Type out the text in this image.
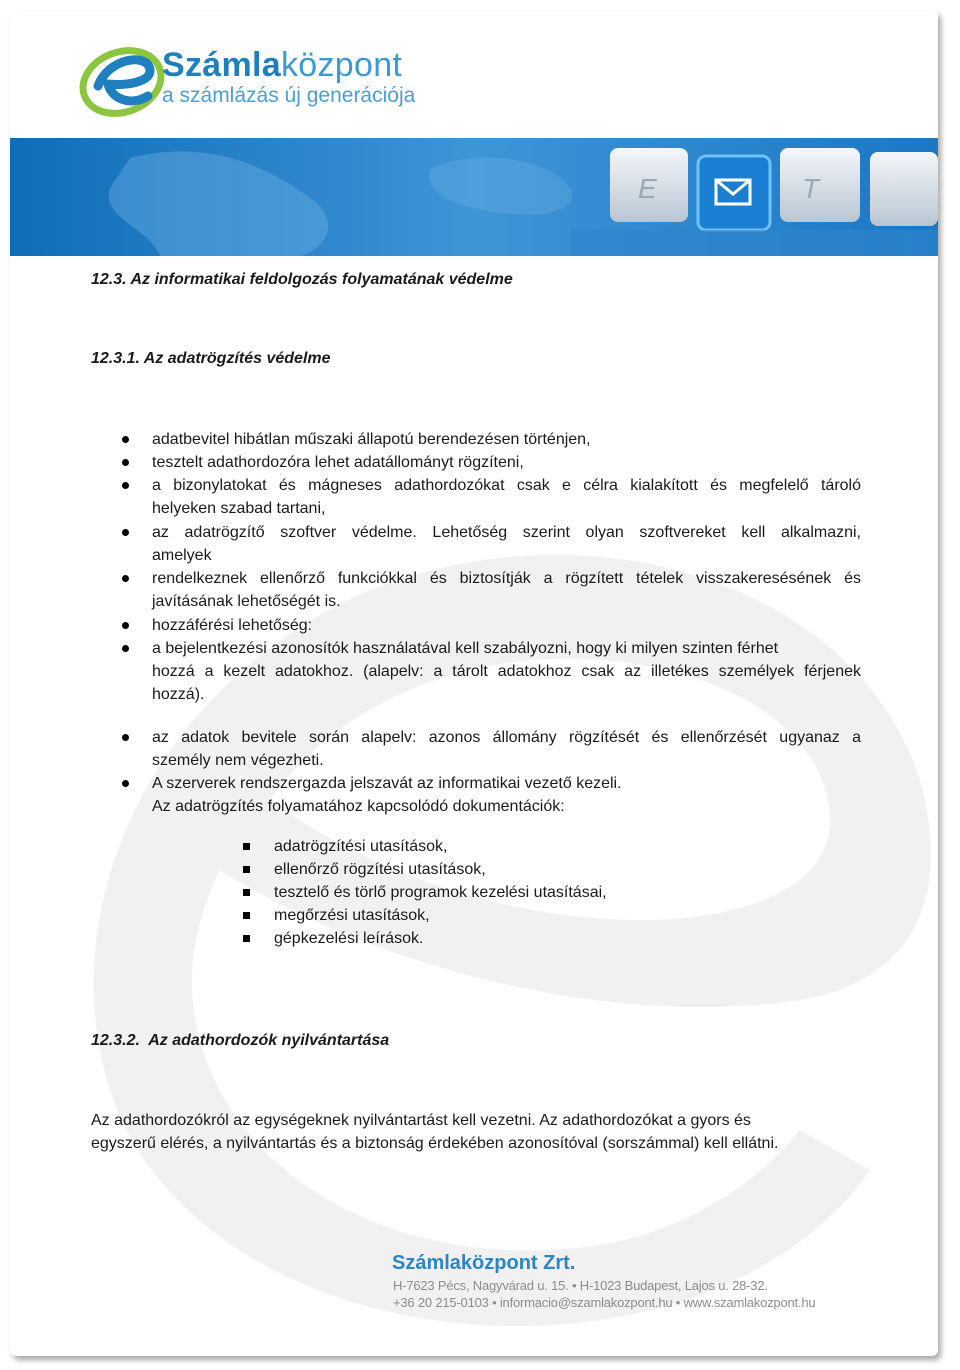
Számlaközpont
a számlázás új generációja
E	T
12.3. Az informatikai feldolgozás folyamatának védelme
12.3.1. Az adatrögzítés védelme
adatbevitel hibátlan műszaki állapotú berendezésen történjen,
tesztelt adathordozóra lehet adatállományt rögzíteni,
a bizonylatokat és mágneses adathordozókat csak e célra kialakított és megfelelő tároló
helyeken szabad tartani,
az adatrögzítő szoftver védelme. Lehetőség szerint olyan szoftvereket kell alkalmazni,
amelyek
rendelkeznek ellenőrző funkciókkal és biztosítják a rögzített tételek visszakeresésének és
javításának lehetőségét is.
hozzáférési lehetőség:
a bejelentkezési azonosítók használatával kell szabályozni, hogy ki milyen szinten férhet
hozzá a kezelt adatokhoz. (alapelv: a tárolt adatokhoz csak az illetékes személyek férjenek
hozzá).
az adatok bevitele során alapelv: azonos állomány rögzítését és ellenőrzését ugyanaz a
személy nem végezheti.
A szerverek rendszergazda jelszavát az informatikai vezető kezeli.
Az adatrögzítés folyamatához kapcsolódó dokumentációk:
adatrögzítési utasítások,
ellenőrző rögzítési utasítások,
tesztelő és törlő programok kezelési utasításai,
megőrzési utasítások,
gépkezelési leírások.
12.3.2.  Az adathordozók nyilvántartása
Az adathordozókról az egységeknek nyilvántartást kell vezetni. Az adathordozókat a gyors és
egyszerű elérés, a nyilvántartás és a biztonság érdekében azonosítóval (sorszámmal) kell ellátni.
Számlaközpont Zrt.
H-7623 Pécs, Nagyvárad u. 15. • H-1023 Budapest, Lajos u. 28-32.
+36 20 215-0103 • informacio@szamlakozpont.hu • www.szamlakozpont.hu
